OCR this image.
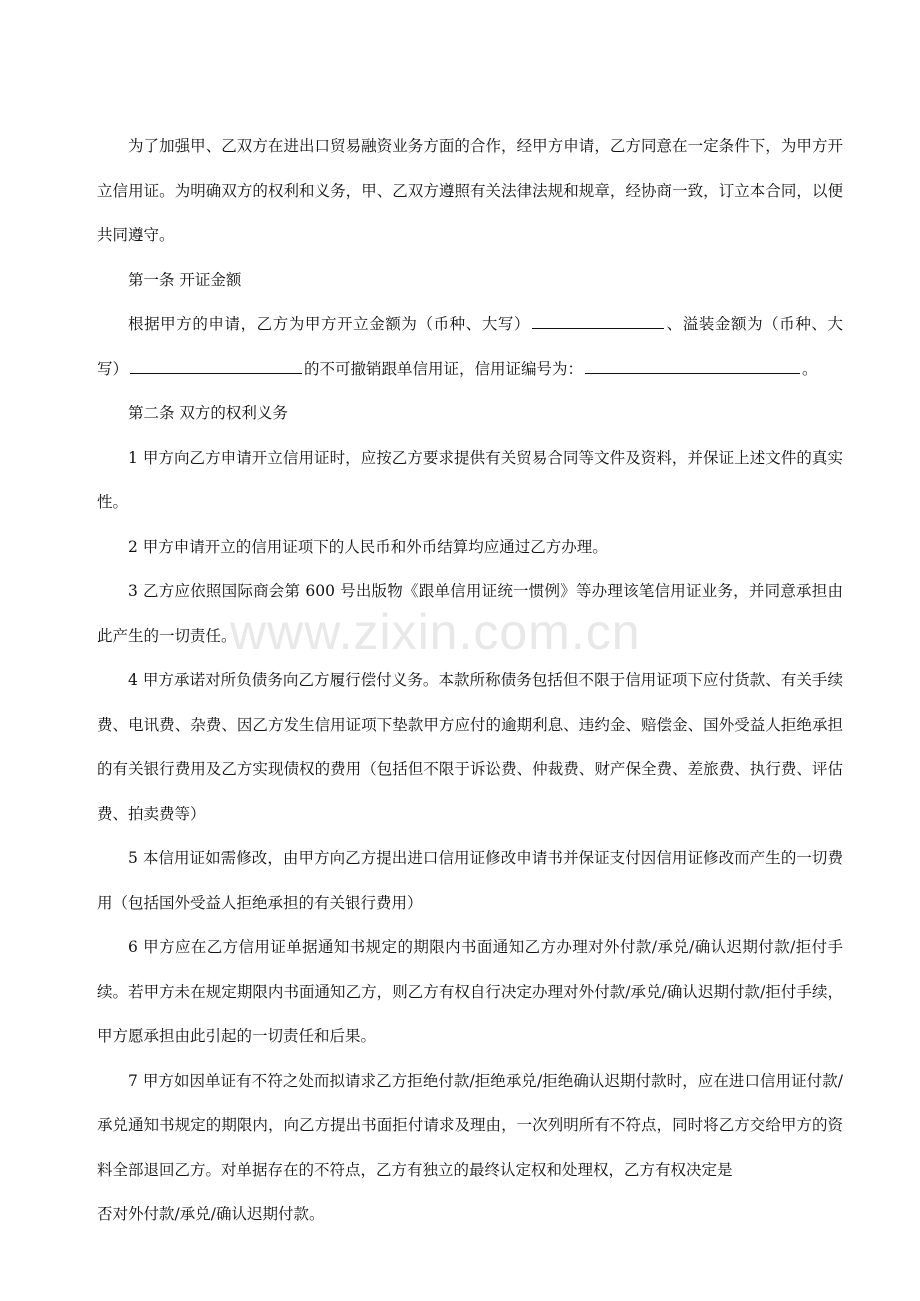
www.zixin.com.cn

为了加强甲、乙双方在进出口贸易融资业务方面的合作，经甲方申请，乙方同意在一定条件下，为甲方开立信用证。为明确双方的权利和义务，甲、乙双方遵照有关法律法规和规章，经协商一致，订立本合同，以便共同遵守。

第一条 开证金额

根据甲方的申请，乙方为甲方开立金额为（币种、大写）	、溢装金额为（币种、大写）	的不可撤销跟单信用证，信用证编号为：	。

第二条 双方的权利义务

1 甲方向乙方申请开立信用证时，应按乙方要求提供有关贸易合同等文件及资料，并保证上述文件的真实性。

2 甲方申请开立的信用证项下的人民币和外币结算均应通过乙方办理。

3 乙方应依照国际商会第 600 号出版物《跟单信用证统一惯例》等办理该笔信用证业务，并同意承担由此产生的一切责任。

4 甲方承诺对所负债务向乙方履行偿付义务。本款所称债务包括但不限于信用证项下应付货款、有关手续费、电讯费、杂费、因乙方发生信用证项下垫款甲方应付的逾期利息、违约金、赔偿金、国外受益人拒绝承担的有关银行费用及乙方实现债权的费用（包括但不限于诉讼费、仲裁费、财产保全费、差旅费、执行费、评估费、拍卖费等）

5 本信用证如需修改，由甲方向乙方提出进口信用证修改申请书并保证支付因信用证修改而产生的一切费用（包括国外受益人拒绝承担的有关银行费用）

6 甲方应在乙方信用证单据通知书规定的期限内书面通知乙方办理对外付款/承兑/确认迟期付款/拒付手续。若甲方未在规定期限内书面通知乙方，则乙方有权自行决定办理对外付款/承兑/确认迟期付款/拒付手续，甲方愿承担由此引起的一切责任和后果。

7 甲方如因单证有不符之处而拟请求乙方拒绝付款/拒绝承兑/拒绝确认迟期付款时，应在进口信用证付款/承兑通知书规定的期限内，向乙方提出书面拒付请求及理由，一次列明所有不符点，同时将乙方交给甲方的资料全部退回乙方。对单据存在的不符点，乙方有独立的最终认定权和处理权，乙方有权决定是

否对外付款/承兑/确认迟期付款。
